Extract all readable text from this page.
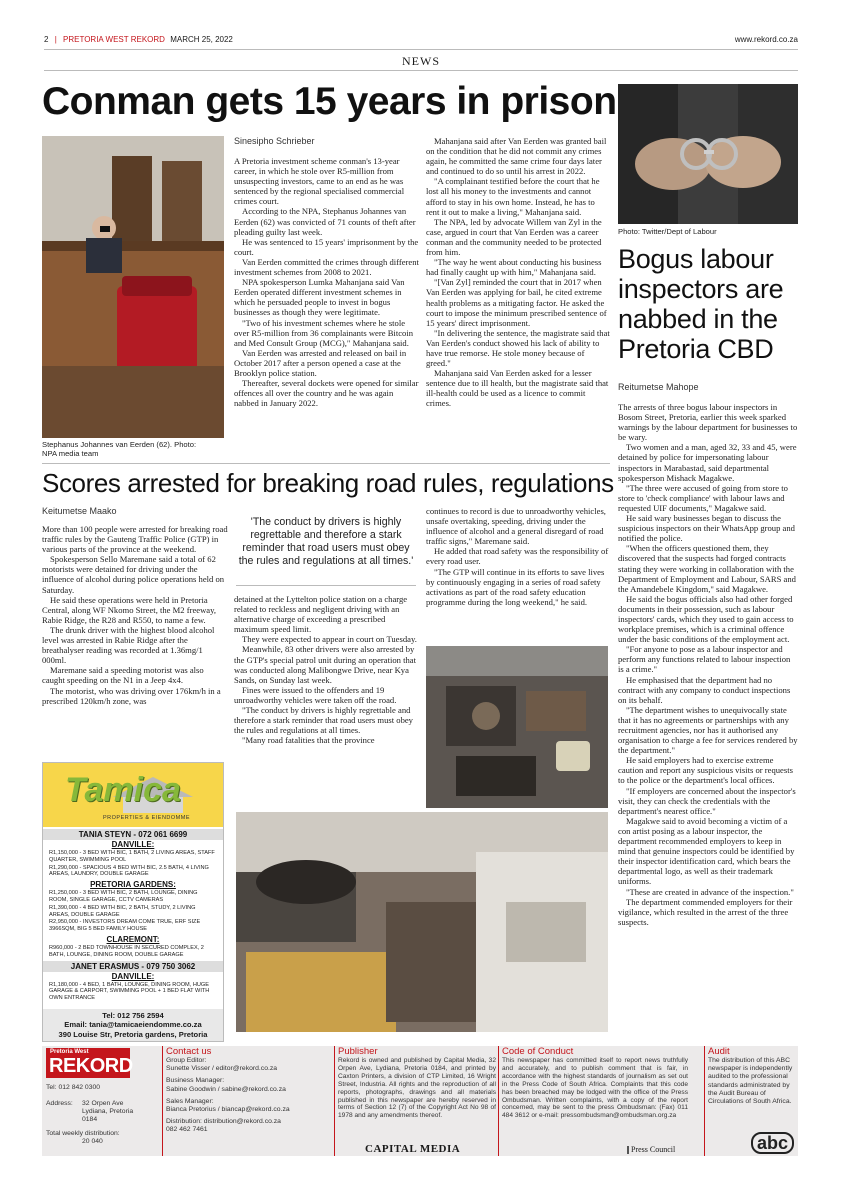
2 | PRETORIA WEST REKORD MARCH 25, 2022	www.rekord.co.za
NEWS
Conman gets 15 years in prison
Stephanus Johannes van Eerden (62). Photo: NPA media team
Sinesipho Schrieber

A Pretoria investment scheme conman's 13-year career, in which he stole over R5-million from unsuspecting investors, came to an end as he was sentenced by the regional specialised commercial crimes court.

According to the NPA, Stephanus Johannes van Eerden (62) was convicted of 71 counts of theft after pleading guilty last week.

He was sentenced to 15 years' imprisonment by the court.

Van Eerden committed the crimes through different investment schemes from 2008 to 2021.

NPA spokesperson Lumka Mahanjana said Van Eerden operated different investment schemes in which he persuaded people to invest in bogus businesses as though they were legitimate.

"Two of his investment schemes where he stole over R5-million from 36 complainants were Bitcoin and Med Consult Group (MCG)," Mahanjana said.

Van Eerden was arrested and released on bail in October 2017 after a person opened a case at the Brooklyn police station.

Thereafter, several dockets were opened for similar offences all over the country and he was again nabbed in January 2022.

Mahanjana said after Van Eerden was granted bail on the condition that he did not commit any crimes again, he committed the same crime four days later and continued to do so until his arrest in 2022.

"A complainant testified before the court that he lost all his money to the investments and cannot afford to stay in his own home. Instead, he has to rent it out to make a living," Mahanjana said.

The NPA, led by advocate Willem van Zyl in the case, argued in court that Van Eerden was a career conman and the community needed to be protected from him.

"The way he went about conducting his business had finally caught up with him," Mahanjana said.

"[Van Zyl] reminded the court that in 2017 when Van Eerden was applying for bail, he cited extreme health problems as a mitigating factor. He asked the court to impose the minimum prescribed sentence of 15 years' direct imprisonment.

"In delivering the sentence, the magistrate said that Van Eerden's conduct showed his lack of ability to have true remorse. He stole money because of greed."

Mahanjana said Van Eerden asked for a lesser sentence due to ill health, but the magistrate said that ill-health could be used as a licence to commit crimes.

Photo: Twitter/Dept of Labour
Bogus labour inspectors are nabbed in the Pretoria CBD
Reitumetse Mahope

The arrests of three bogus labour inspectors in Bosom Street, Pretoria, earlier this week sparked warnings by the labour department for businesses to be wary.

Two women and a man, aged 32, 33 and 45, were detained by police for impersonating labour inspectors in Marabastad, said departmental spokesperson Mishack Magakwe.

"The three were accused of going from store to store to 'check compliance' with labour laws and requested UIF documents," Magakwe said.

He said wary businesses began to discuss the suspicious inspectors on their WhatsApp group and notified the police.

"When the officers questioned them, they discovered that the suspects had forged contracts stating they were working in collaboration with the Department of Employment and Labour, SARS and the Amandebele Kingdom," said Magakwe.

He said the bogus officials also had other forged documents in their possession, such as labour inspectors' cards, which they used to gain access to workplace premises, which is a criminal offence under the basic conditions of the employment act.

"For anyone to pose as a labour inspector and perform any functions related to labour inspection is a crime."

He emphasised that the department had no contract with any company to conduct inspections on its behalf.

"The department wishes to unequivocally state that it has no agreements or partnerships with any recruitment agencies, nor has it authorised any organisation to charge a fee for services rendered by the department."

He said employers had to exercise extreme caution and report any suspicious visits or requests to the police or the department's local offices.

"If employers are concerned about the inspector's visit, they can check the credentials with the department's nearest office."

Magakwe said to avoid becoming a victim of a con artist posing as a labour inspector, the department recommended employers to keep in mind that genuine inspectors could be identified by their inspector identification card, which bears the departmental logo, as well as their trademark uniforms.

"These are created in advance of the inspection."

The department commended employers for their vigilance, which resulted in the arrest of the three suspects.

Scores arrested for breaking road rules, regulations
Keitumetse Maako

More than 100 people were arrested for breaking road traffic rules by the Gauteng Traffic Police (GTP) in various parts of the province at the weekend.

Spokesperson Sello Maremane said a total of 62 motorists were detained for driving under the influence of alcohol during police operations held on Saturday.

He said these operations were held in Pretoria Central, along WF Nkomo Street, the M2 freeway, Rabie Ridge, the R28 and R550, to name a few.

The drunk driver with the highest blood alcohol level was arrested in Rabie Ridge after the breathalyser reading was recorded at 1.36mg/1 000ml.

Maremane said a speeding motorist was also caught speeding on the N1 in a Jeep 4x4.

The motorist, who was driving over 176km/h in a prescribed 120km/h zone, was

'The conduct by drivers is highly regrettable and therefore a stark reminder that road users must obey the rules and regulations at all times.'

detained at the Lyttelton police station on a charge related to reckless and negligent driving with an alternative charge of exceeding a prescribed maximum speed limit.

They were expected to appear in court on Tuesday.

Meanwhile, 83 other drivers were also arrested by the GTP's special patrol unit during an operation that was conducted along Malibongwe Drive, near Kya Sands, on Sunday last week.

Fines were issued to the offenders and 19 unroadworthy vehicles were taken off the road.

"The conduct by drivers is highly regrettable and therefore a stark reminder that road users must obey the rules and regulations at all times.

"Many road fatalities that the province

continues to record is due to unroadworthy vehicles, unsafe overtaking, speeding, driving under the influence of alcohol and a general disregard of road traffic signs," Maremane said.

He added that road safety was the responsibility of every road user.

"The GTP will continue in its efforts to save lives by continuously engaging in a series of road safety activations as part of the road safety education programme during the long weekend," he said.

Tamica
PROPERTIES & EIENDOMME
TANIA STEYN - 072 061 6699
DANVILLE:
R1,150,000 - 3 BED WITH BIC, 1 BATH, 2 LIVING AREAS, STAFF QUARTER, SWIMMING POOL
R1,290,000 - SPACIOUS 4 BED WITH BIC, 2.5 BATH, 4 LIVING AREAS, LAUNDRY, DOUBLE GARAGE
PRETORIA GARDENS:
R1,250,000 - 3 BED WITH BIC, 2 BATH, LOUNGE, DINING ROOM, SINGLE GARAGE, CCTV CAMERAS
R1,390,000 - 4 BED WITH BIC, 2 BATH, STUDY, 2 LIVING AREAS, DOUBLE GARAGE
R2,950,000 - INVESTORS DREAM COME TRUE, ERF SIZE 3966SQM, BIG 5 BED FAMILY HOUSE
CLAREMONT:
R960,000 - 2 BED TOWNHOUSE IN SECURED COMPLEX, 2 BATH, LOUNGE, DINING ROOM, DOUBLE GARAGE
JANET ERASMUS - 079 750 3062
DANVILLE:
R1,180,000 - 4 BED, 1 BATH, LOUNGE, DINING ROOM, HUGE GARAGE & CARPORT, SWIMMING POOL + 1 BED FLAT WITH OWN ENTRANCE
Tel: 012 756 2594
Email: tania@tamicaeiendomme.co.za
390 Louise Str, Pretoria gardens, Pretoria
Pretoria West
REKORD
Tel: 012 842 0300
Address: 32 Orpen Ave
Lydiana, Pretoria
0184
Total weekly distribution:
20 040
Contact us
Group Editor:
Sunette Visser / editor@rekord.co.za
Business Manager:
Sabine Goodwin / sabine@rekord.co.za
Sales Manager:
Bianca Pretorius / biancap@rekord.co.za
Distribution: distribution@rekord.co.za
082 462 7461
Publisher
Rekord is owned and published by Capital Media, 32 Orpen Ave, Lydiana, Pretoria 0184, and printed by Caxton Printers, a division of CTP Limited, 16 Wright Street, Industria. All rights and the reproduction of all reports, photographs, drawings and all materials published in this newspaper are hereby reserved in terms of Section 12 (7) of the Copyright Act No 98 of 1978 and any amendments thereof.
CAPITAL MEDIA
Code of Conduct
This newspaper has committed itself to report news truthfully and accurately, and to publish comment that is fair, in accordance with the highest standards of journalism as set out in the Press Code of South Africa. Complaints that this code has been breached may be lodged with the office of the Press Ombudsman. Written complaints, with a copy of the report concerned, may be sent to the press Ombudsman: (Fax) 011 484 3612 or e-mail: pressombudsman@ombudsman.org.za
Press Council
Audit
The distribution of this ABC newspaper is independently audited to the professional standards administrated by the Audit Bureau of Circulations of South Africa.
abc
